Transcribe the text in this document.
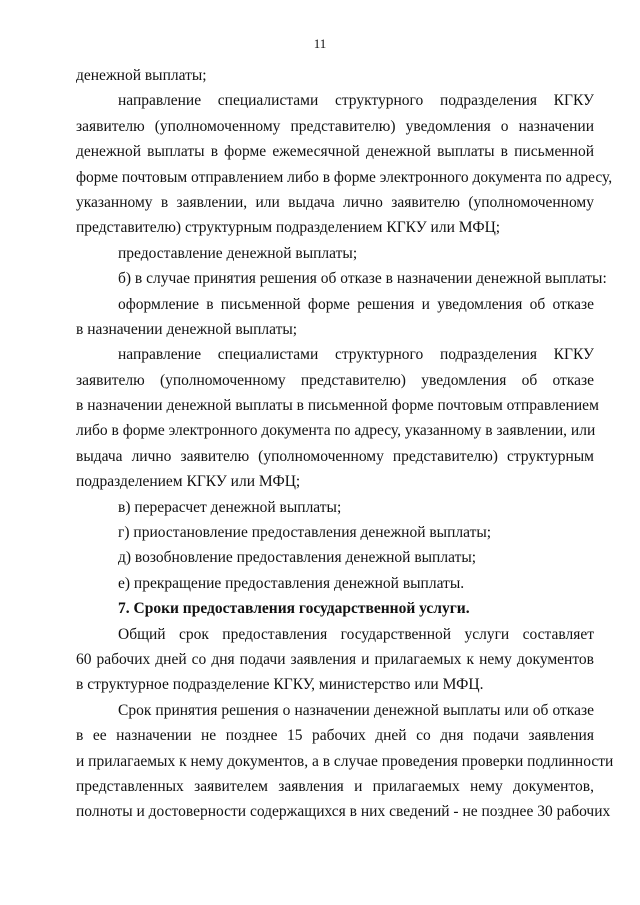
11
денежной выплаты;
направление специалистами структурного подразделения КГКУ
заявителю (уполномоченному представителю) уведомления о назначении
денежной выплаты в форме ежемесячной денежной выплаты в письменной
форме почтовым отправлением либо в форме электронного документа по адресу,
указанному в заявлении, или выдача лично заявителю (уполномоченному
представителю) структурным подразделением КГКУ или МФЦ;
предоставление денежной выплаты;
б) в случае принятия решения об отказе в назначении денежной выплаты:
оформление в письменной форме решения и уведомления об отказе
в назначении денежной выплаты;
направление специалистами структурного подразделения КГКУ
заявителю (уполномоченному представителю) уведомления об отказе
в назначении денежной выплаты в письменной форме почтовым отправлением
либо в форме электронного документа по адресу, указанному в заявлении, или
выдача лично заявителю (уполномоченному представителю) структурным
подразделением КГКУ или МФЦ;
в) перерасчет денежной выплаты;
г) приостановление предоставления денежной выплаты;
д) возобновление предоставления денежной выплаты;
е) прекращение предоставления денежной выплаты.
7. Сроки предоставления государственной услуги.
Общий срок предоставления государственной услуги составляет
60 рабочих дней со дня подачи заявления и прилагаемых к нему документов
в структурное подразделение КГКУ, министерство или МФЦ.
Срок принятия решения о назначении денежной выплаты или об отказе
в ее назначении не позднее 15 рабочих дней со дня подачи заявления
и прилагаемых к нему документов, а в случае проведения проверки подлинности
представленных заявителем заявления и прилагаемых нему документов,
полноты и достоверности содержащихся в них сведений - не позднее 30 рабочих
